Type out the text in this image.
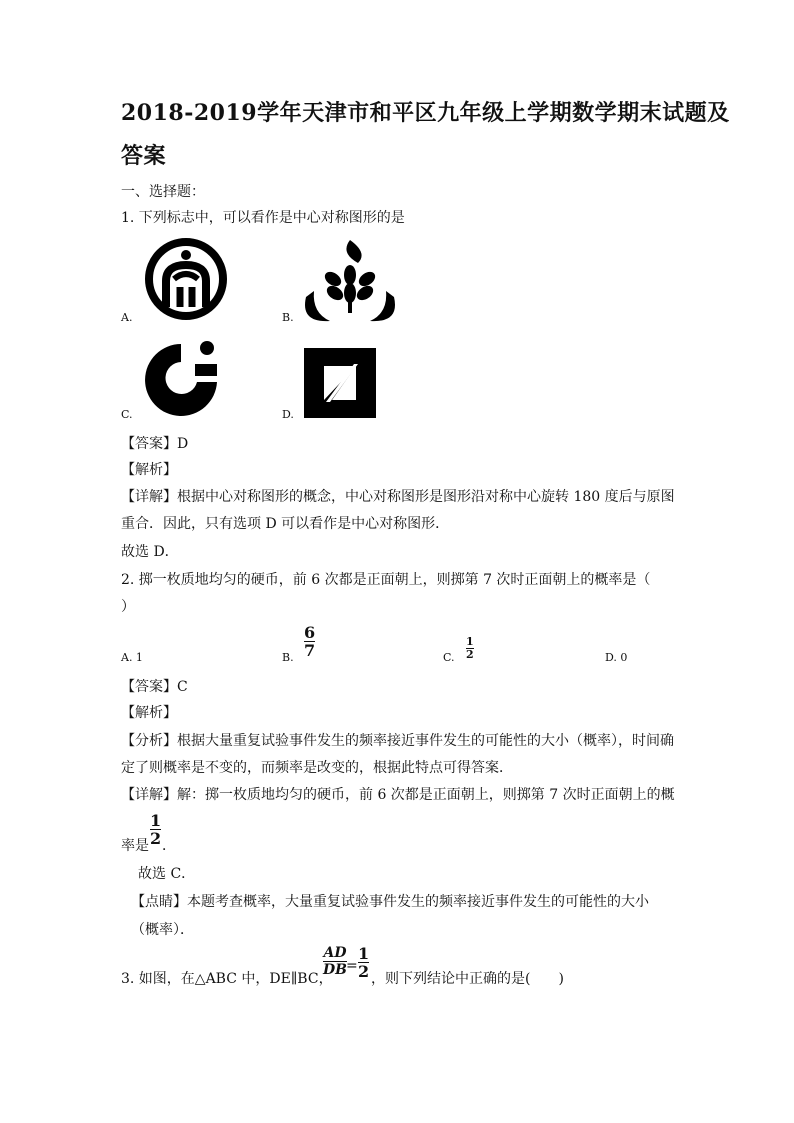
2018-2019学年天津市和平区九年级上学期数学期末试题及
答案
一、选择题：
1. 下列标志中，可以看作是中心对称图形的是
A.	B.
C.	D.
【答案】D
【解析】
【详解】根据中心对称图形的概念，中心对称图形是图形沿对称中心旋转 180 度后与原图
重合．因此，只有选项 D 可以看作是中心对称图形．
故选 D．
2. 掷一枚质地均匀的硬币，前 6 次都是正面朝上，则掷第 7 次时正面朝上的概率是（
）
A. 1	B.
6
7	C.
1
2	D. 0
【答案】C
【解析】
【分析】根据大量重复试验事件发生的频率接近事件发生的可能性的大小（概率），时间确
定了则概率是不变的，而频率是改变的，根据此特点可得答案．
【详解】解：掷一枚质地均匀的硬币，前 6 次都是正面朝上，则掷第 7 次时正面朝上的概
率是
1
2 ．
故选 C．
【点睛】本题考查概率，大量重复试验事件发生的频率接近事件发生的可能性的大小
（概率）．
3. 如图，在△ABC 中，DE∥BC，
AD
DB =
1
2 ，则下列结论中正确的是(　　)
